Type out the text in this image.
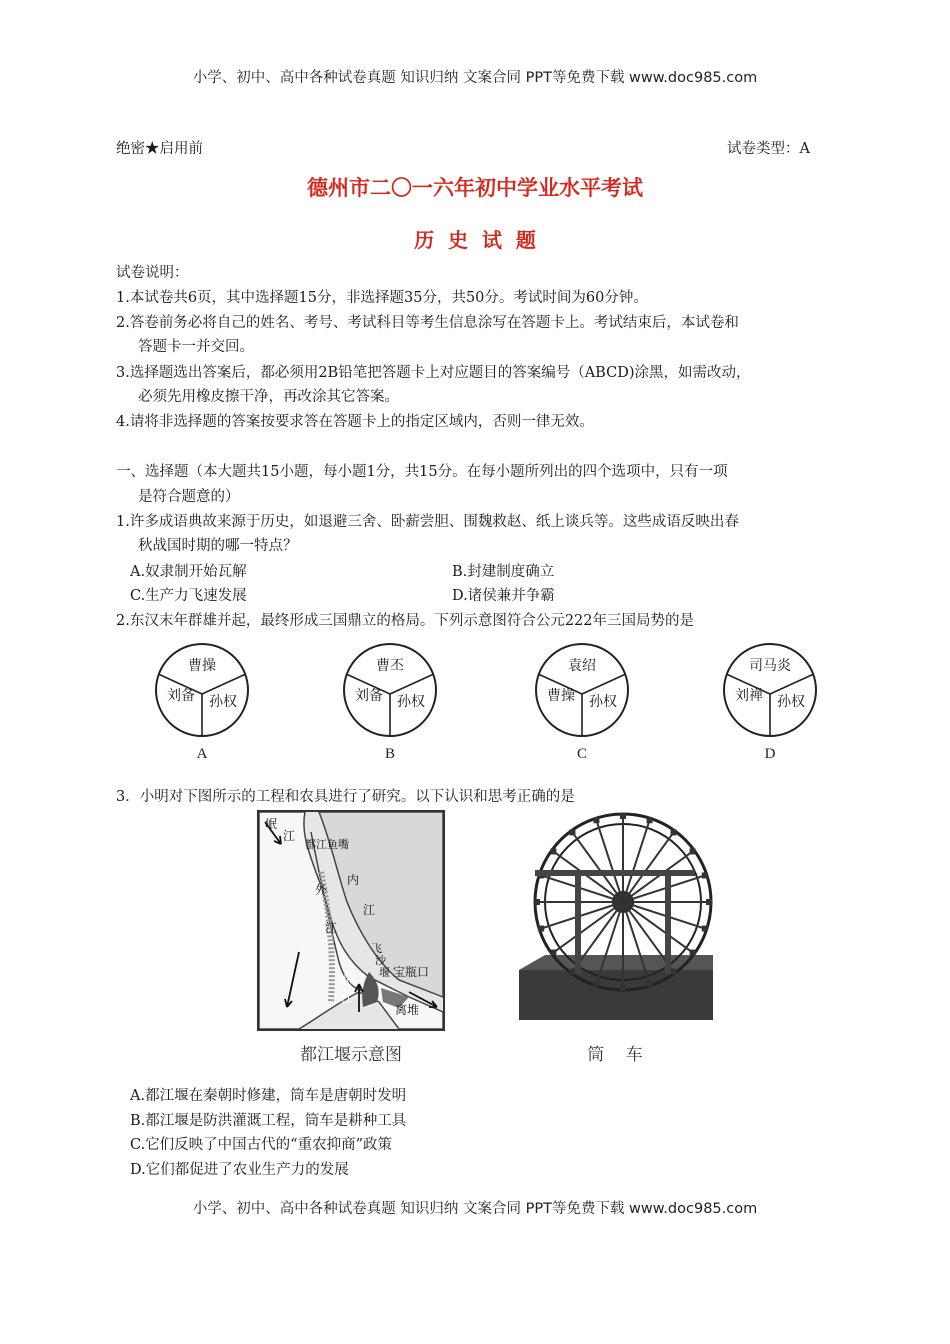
小学、初中、高中各种试卷真题 知识归纳 文案合同 PPT等免费下载 www.doc985.com
绝密★启用前	试卷类型：A
德州市二〇一六年初中学业水平考试
历  史  试  题
试卷说明：
1.本试卷共6页，其中选择题15分，非选择题35分，共50分。考试时间为60分钟。
2.答卷前务必将自己的姓名、考号、考试科目等考生信息涂写在答题卡上。考试结束后，本试卷和
答题卡一并交回。
3.选择题选出答案后，都必须用2B铅笔把答题卡上对应题目的答案编号（ABCD)涂黑，如需改动，
必须先用橡皮擦干净，再改涂其它答案。
4.请将非选择题的答案按要求答在答题卡上的指定区域内，否则一律无效。
一、选择题（本大题共15小题，每小题1分，共15分。在每小题所列出的四个选项中，只有一项
是符合题意的）
1.许多成语典故来源于历史，如退避三舍、卧薪尝胆、围魏救赵、纸上谈兵等。这些成语反映出春
秋战国时期的哪一特点？
A.奴隶制开始瓦解	B.封建制度确立
C.生产力飞速发展	D.诸侯兼并争霸
2.东汉末年群雄并起，最终形成三国鼎立的格局。下列示意图符合公元222年三国局势的是
曹操
刘备 孙权
A
曹丕
刘备 孙权
B
袁绍
曹操 孙权
C
司马炎
刘禅 孙权
D
3．小明对下图所示的工程和农具进行了研究。以下认识和思考正确的是
岷
江
都江鱼嘴
内
江
外
江
飞
沙
堰 宝瓶口
岷
江
离堆
都江堰示意图	筒    车
A.都江堰在秦朝时修建，筒车是唐朝时发明
B.都江堰是防洪灌溉工程，筒车是耕种工具
C.它们反映了中国古代的“重农抑商”政策
D.它们都促进了农业生产力的发展
小学、初中、高中各种试卷真题 知识归纳 文案合同 PPT等免费下载 www.doc985.com
